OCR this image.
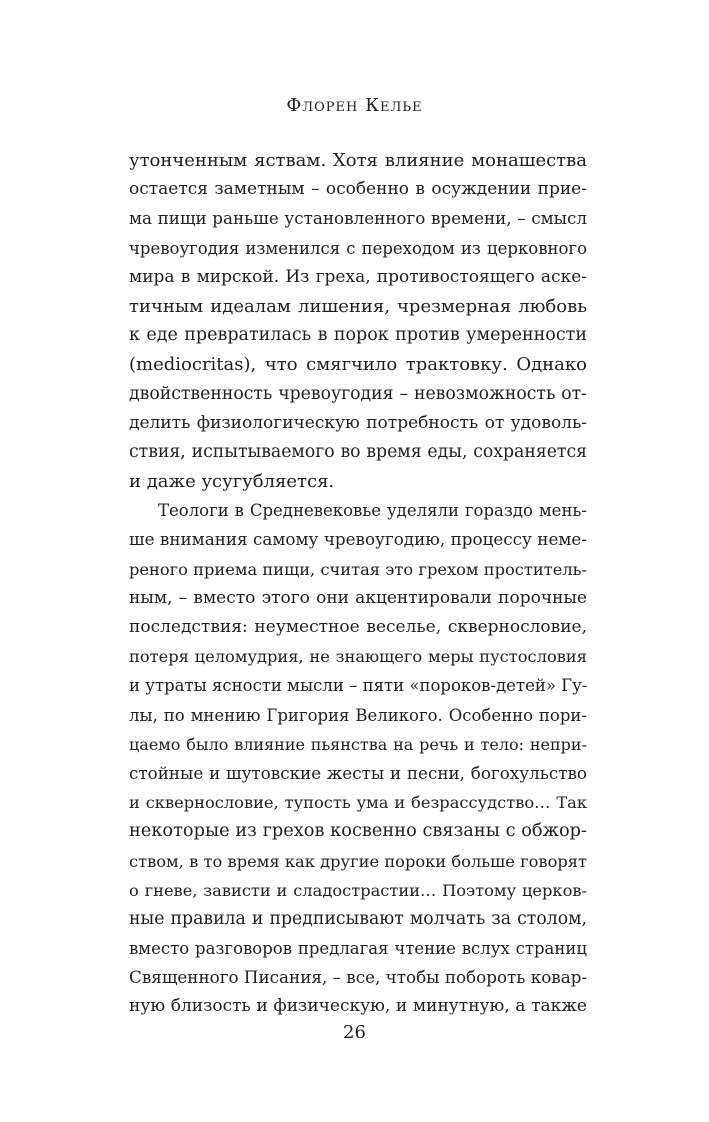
Флорен Келье
утонченным яствам. Хотя влияние монашества
остается заметным – особенно в осуждении прие-
ма пищи раньше установленного времени, – смысл
чревоугодия изменился с переходом из церковного
мира в мирской. Из греха, противостоящего аске-
тичным идеалам лишения, чрезмерная любовь
к еде превратилась в порок против умеренности
(mediocritas), что смягчило трактовку. Однако
двойственность чревоугодия – невозможность от-
делить физиологическую потребность от удоволь-
ствия, испытываемого во время еды, сохраняется
и даже усугубляется.
Теологи в Средневековье уделяли гораздо мень-
ше внимания самому чревоугодию, процессу неме-
реного приема пищи, считая это грехом проститель-
ным, – вместо этого они акцентировали порочные
последствия: неуместное веселье, сквернословие,
потеря целомудрия, не знающего меры пустословия
и утраты ясности мысли – пяти «пороков-детей» Гу-
лы, по мнению Григория Великого. Особенно пори-
цаемо было влияние пьянства на речь и тело: непри-
стойные и шутовские жесты и песни, богохульство
и сквернословие, тупость ума и безрассудство… Так
некоторые из грехов косвенно связаны с обжор-
ством, в то время как другие пороки больше говорят
о гневе, зависти и сладострастии… Поэтому церков-
ные правила и предписывают молчать за столом,
вместо разговоров предлагая чтение вслух страниц
Священного Писания, – все, чтобы побороть ковар-
ную близость и физическую, и минутную, а также
26
